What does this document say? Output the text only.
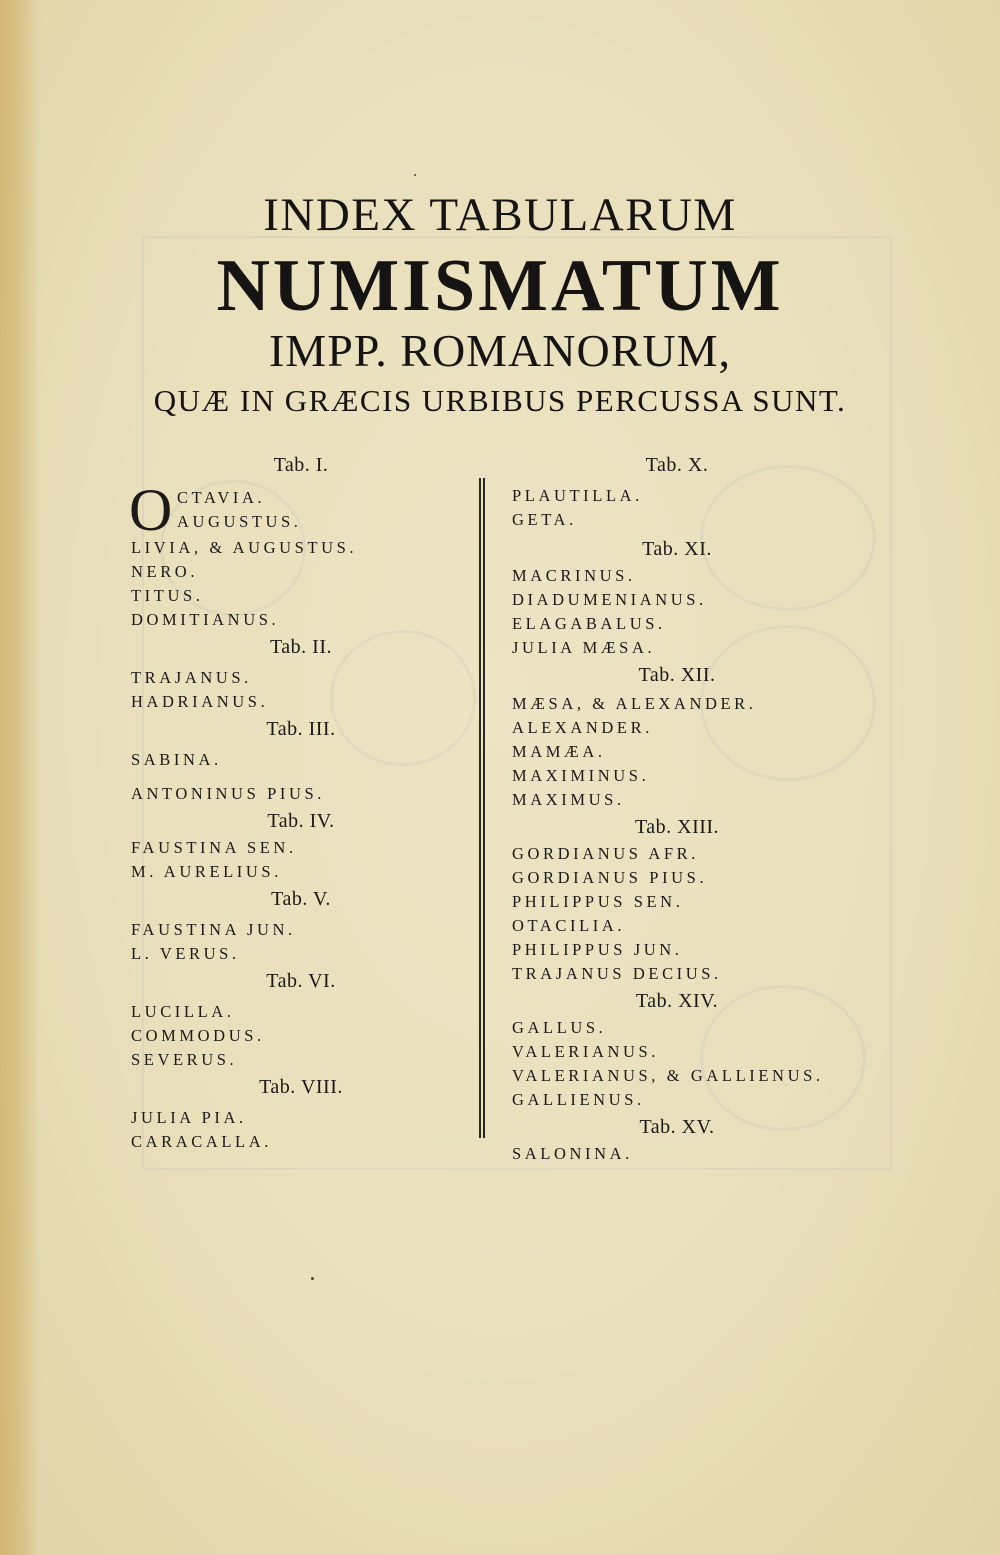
INDEX TABULARUM
NUMISMATUM
IMPP. ROMANORUM,
QUÆ IN GRÆCIS URBIBUS PERCUSSA SUNT.
Tab. I.
O CTAVIA.
AUGUSTUS.
LIVIA, & AUGUSTUS.
NERO.
TITUS.
DOMITIANUS.
Tab. II.
TRAJANUS.
HADRIANUS.
Tab. III.
SABINA.
ANTONINUS PIUS.
Tab. IV.
FAUSTINA SEN.
M. AURELIUS.
Tab. V.
FAUSTINA JUN.
L. VERUS.
Tab. VI.
LUCILLA.
COMMODUS.
SEVERUS.
Tab. VIII.
JULIA PIA.
CARACALLA.
Tab. X.
PLAUTILLA.
GETA.
Tab. XI.
MACRINUS.
DIADUMENIANUS.
ELAGABALUS.
JULIA MÆSA.
Tab. XII.
MÆSA, & ALEXANDER.
ALEXANDER.
MAMÆA.
MAXIMINUS.
MAXIMUS.
Tab. XIII.
GORDIANUS AFR.
GORDIANUS PIUS.
PHILIPPUS SEN.
OTACILIA.
PHILIPPUS JUN.
TRAJANUS DECIUS.
Tab. XIV.
GALLUS.
VALERIANUS.
VALERIANUS, & GALLIENUS.
GALLIENUS.
Tab. XV.
SALONINA.
